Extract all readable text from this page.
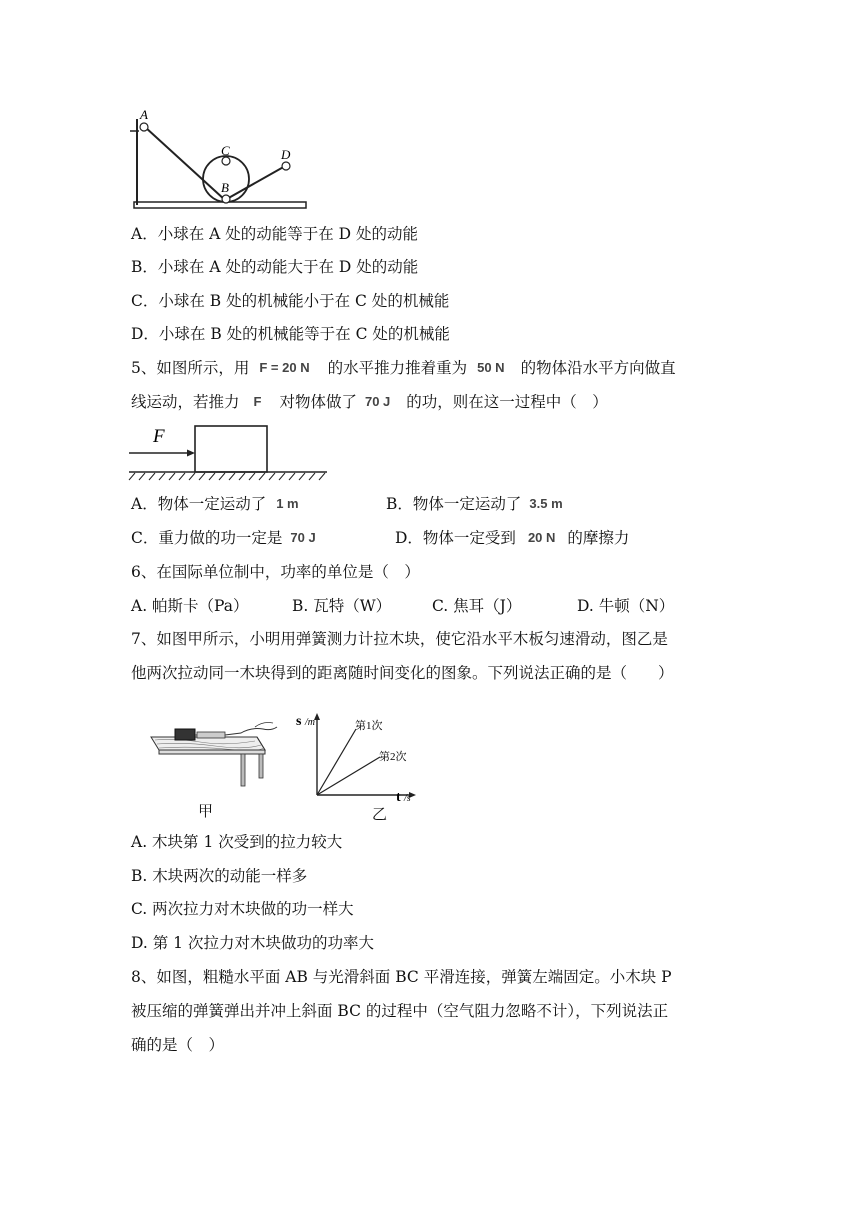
A
C
B
D
A．小球在 A 处的动能等于在 D 处的动能
B．小球在 A 处的动能大于在 D 处的动能
C．小球在 B 处的机械能小于在 C 处的机械能
D．小球在 B 处的机械能等于在 C 处的机械能
5、如图所示，用 F = 20 N 的水平推力推着重为 50 N 的物体沿水平方向做直
线运动，若推力 F 对物体做了 70 J 的功，则在这一过程中（　）
F
A．物体一定运动了 1 m	B．物体一定运动了 3.5 m
C．重力做的功一定是 70 J	D．物体一定受到 20 N 的摩擦力
6、在国际单位制中，功率的单位是（　）
A. 帕斯卡（Pa）	B. 瓦特（W）	C. 焦耳（J）	D. 牛顿（N）
7、如图甲所示，小明用弹簧测力计拉木块，使它沿水平木板匀速滑动，图乙是
他两次拉动同一木块得到的距离随时间变化的图象。下列说法正确的是（　　）
甲
s /m
t /s
第1次
第2次
乙
A. 木块第 1 次受到的拉力较大
B. 木块两次的动能一样多
C. 两次拉力对木块做的功一样大
D. 第 1 次拉力对木块做功的功率大
8、如图，粗糙水平面 AB 与光滑斜面 BC 平滑连接，弹簧左端固定。小木块 P
被压缩的弹簧弹出并冲上斜面 BC 的过程中（空气阻力忽略不计），下列说法正
确的是（　）
